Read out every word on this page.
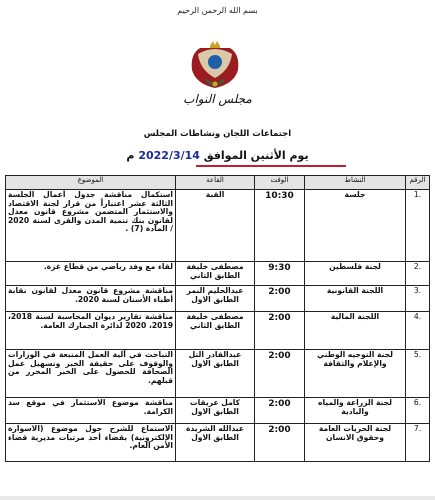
بسم الله الرحمن الرحيم
مجلس النواب
اجتماعات اللجان ونشاطات المجلس
يوم الأثنين الموافق 2022/3/14 م
الرقم	النشاط	الوقت	القاعة	الموضوع
.1	جلسة	10:30	القبة	استكمال مناقشة جدول أعمال الجلسة الثالثة عشر اعتباراً من قرار لجنة الاقتصاد والاستثمار المتضمن مشروع قانون معدل لقانون بنك تنمية المدن والقرى لسنة 2020 / المادة (7) .
.2	لجنة فلسطين	9:30	مصطفى خليفة الطابق الثاني	لقاء مع وفد رياضي من قطاع غزة.
.3	اللجنة القانونية	2:00	عبدالحليم النمر الطابق الاول	مناقشة مشروع قانون معدل لقانون نقابة أطباء الأسنان لسنة 2020.
.4	اللجنة المالية	2:00	مصطفى خليفة الطابق الثاني	مناقشة تقارير ديوان المحاسبة لسنة 2018، 2019، 2020 لدائرة الجمارك العامة.
.5	لجنة التوجيه الوطني والإعلام والثقافة	2:00	عبدالقادر التل الطابق الاول	التباحث في آلية العمل المتبعة في الوزارات والوقوف على حقيقة الخبر وتسهيل عمل الصحافة للحصول على الخبر المحرر من قبلهم.
.6	لجنة الزراعة والمياه والبادية	2:00	كامل عريقات الطابق الاول	مناقشة موضوع الاستثمار في موقع سد الكرامة.
.7	لجنة الحريات العامة وحقوق الانسان	2:00	عبدالله الشريدة الطابق الاول	الاستماع للشرح حول موضوع (الاسوارة الالكترونية) بقضاء أحد مرتبات مديرية قضاء الأمن العام.
